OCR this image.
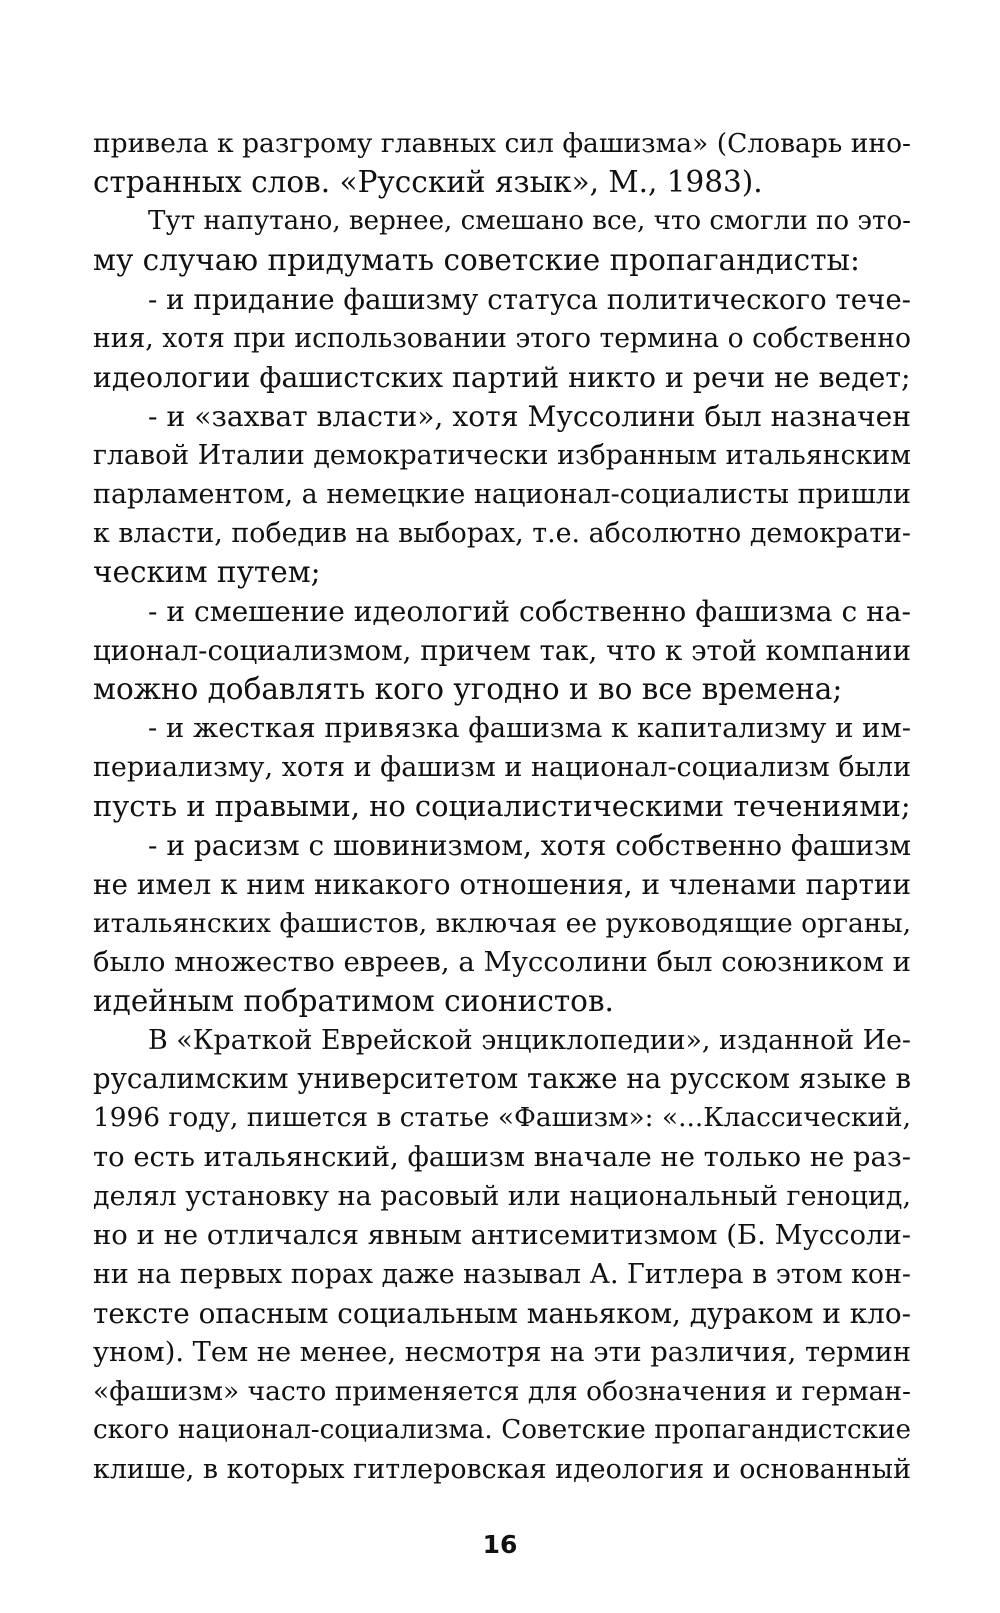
привела к разгрому главных сил фашизма» (Словарь ино-
странных слов. «Русский язык», М., 1983).
Тут напутано, вернее, смешано все, что смогли по это-
му случаю придумать советские пропагандисты:
- и придание фашизму статуса политического тече-
ния, хотя при использовании этого термина о собственно
идеологии фашистских партий никто и речи не ведет;
- и «захват власти», хотя Муссолини был назначен
главой Италии демократически избранным итальянским
парламентом, а немецкие национал-социалисты пришли
к власти, победив на выборах, т.е. абсолютно демократи-
ческим путем;
- и смешение идеологий собственно фашизма с на-
ционал-социализмом, причем так, что к этой компании
можно добавлять кого угодно и во все времена;
- и жесткая привязка фашизма к капитализму и им-
периализму, хотя и фашизм и национал-социализм были
пусть и правыми, но социалистическими течениями;
- и расизм с шовинизмом, хотя собственно фашизм
не имел к ним никакого отношения, и членами партии
итальянских фашистов, включая ее руководящие органы,
было множество евреев, а Муссолини был союзником и
идейным побратимом сионистов.
В «Краткой Еврейской энциклопедии», изданной Ие-
русалимским университетом также на русском языке в
1996 году, пишется в статье «Фашизм»: «...Классический,
то есть итальянский, фашизм вначале не только не раз-
делял установку на расовый или национальный геноцид,
но и не отличался явным антисемитизмом (Б. Муссоли-
ни на первых порах даже называл А. Гитлера в этом кон-
тексте опасным социальным маньяком, дураком и кло-
уном). Тем не менее, несмотря на эти различия, термин
«фашизм» часто применяется для обозначения и герман-
ского национал-социализма. Советские пропагандистские
клише, в которых гитлеровская идеология и основанный
16
